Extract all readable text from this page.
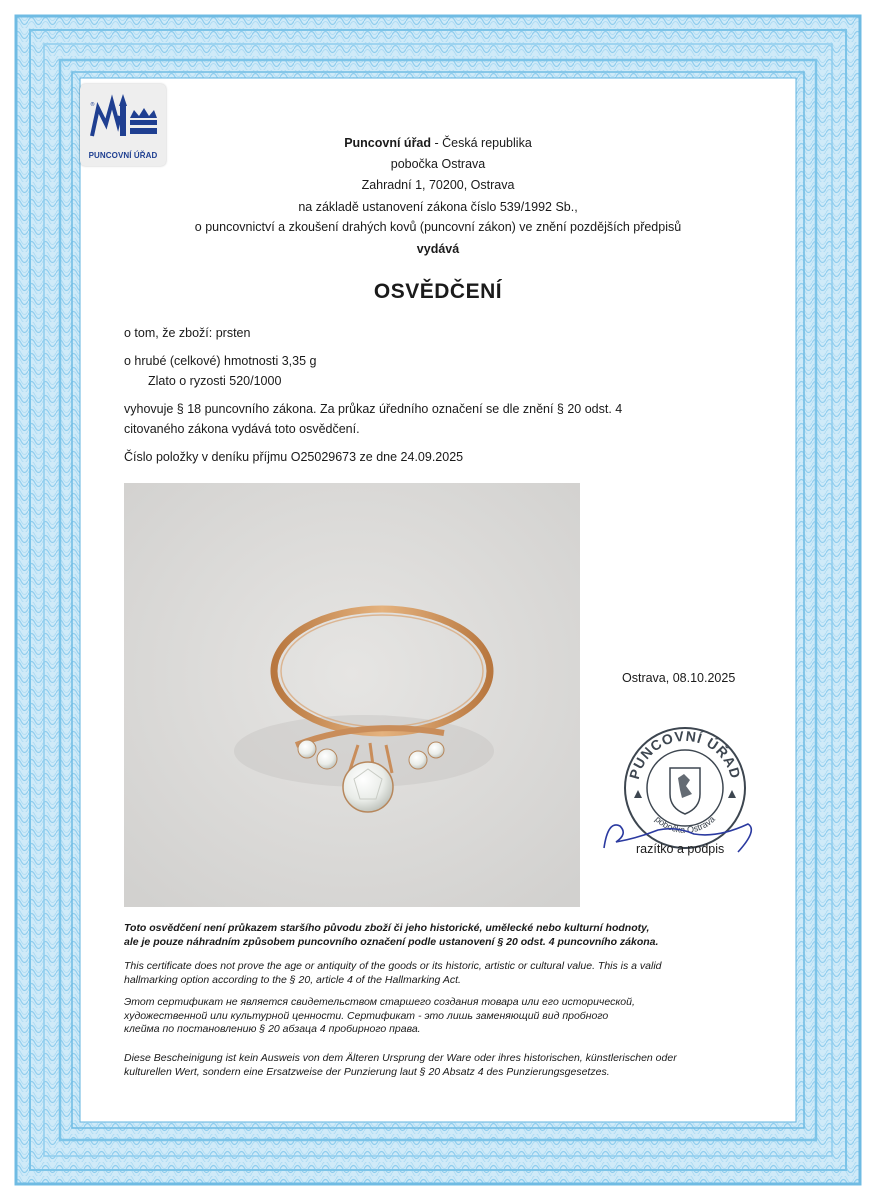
®
PUNCOVNÍ ÚŘAD
Puncovní úřad - Česká republika
pobočka Ostrava
Zahradní 1, 70200, Ostrava
na základě ustanovení zákona číslo 539/1992 Sb.,
o puncovnictví a zkoušení drahých kovů (puncovní zákon) ve znění pozdějších předpisů
vydává
OSVĚDČENÍ
o tom, že zboží: prsten
o hrubé (celkové) hmotnosti 3,35 g
Zlato o ryzosti 520/1000
vyhovuje § 18 puncovního zákona. Za průkaz úředního označení se dle znění § 20 odst. 4
citovaného zákona vydává toto osvědčení.
Číslo položky v deníku příjmu O25029673 ze dne 24.09.2025
Ostrava, 08.10.2025
PUNCOVNÍ ÚŘAD
pobočka Ostrava
razítko a podpis
Toto osvědčení není průkazem staršího původu zboží či jeho historické, umělecké nebo kulturní hodnoty,
ale je pouze náhradním způsobem puncovního označení podle ustanovení § 20 odst. 4 puncovního zákona.
This certificate does not prove the age or antiquity of the goods or its historic, artistic or cultural value. This is a valid
hallmarking option according to the § 20, article 4 of the Hallmarking Act.
Этот сертификат не является свидетельством старшего создания товара или его исторической,
художественной или культурной ценности. Сертификат - это лишь заменяющий вид пробного
клейма по постановлению § 20 абзаца 4 пробирного права.
Diese Bescheinigung ist kein Ausweis von dem Älteren Ursprung der Ware oder ihres historischen, künstlerischen oder
kulturellen Wert, sondern eine Ersatzweise der Punzierung laut § 20 Absatz 4 des Punzierungsgesetzes.
